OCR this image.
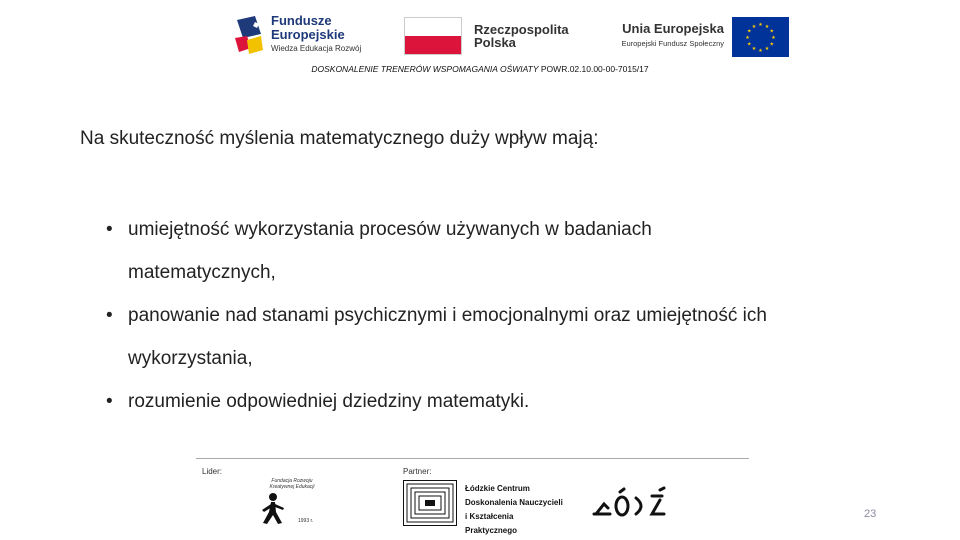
Fundusze
Europejskie
Wiedza Edukacja Rozwój
Rzeczpospolita
Polska
Unia Europejska
Europejski Fundusz Społeczny
★ ★
★
★
★
★
★
★
★
★
★
★
DOSKONALENIE TRENERÓW WSPOMAGANIA OŚWIATY POWR.02.10.00-00-7015/17
Na skuteczność myślenia matematycznego duży wpływ mają:
• umiejętność wykorzystania procesów używanych w badaniach
matematycznych,
• panowanie nad stanami psychicznymi i emocjonalnymi oraz umiejętność ich
wykorzystania,
• rozumienie odpowiedniej dziedziny matematyki.
Lider:	Partner:
Fundacja Rozwoju Kreatywnej Edukacji
1993 r.
Łódzkie Centrum
Doskonalenia Nauczycieli
i Kształcenia Praktycznego
23
